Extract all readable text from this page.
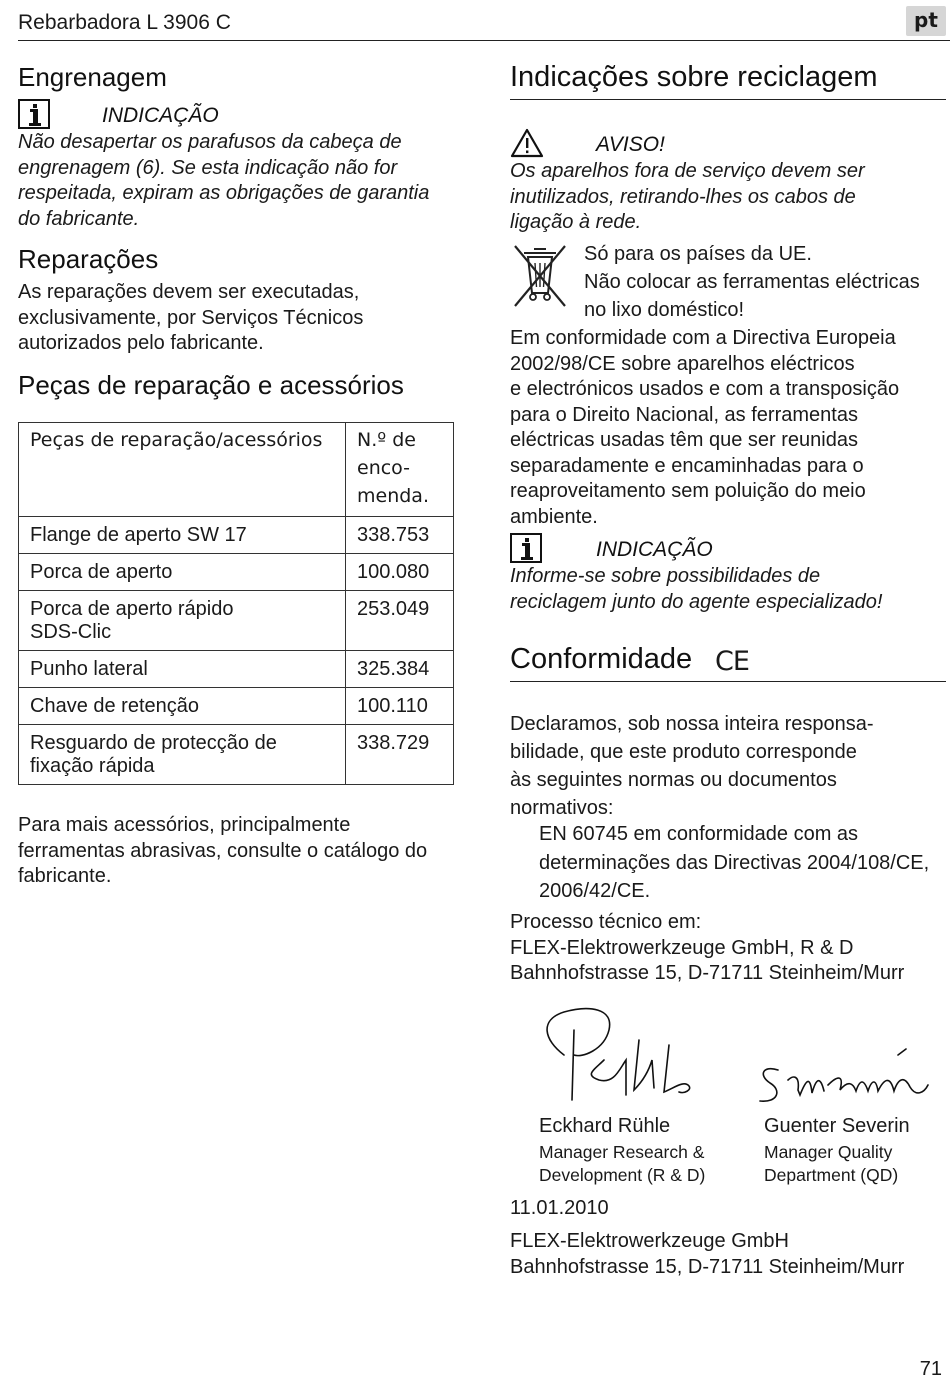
Rebarbadora L 3906 C	pt
Engrenagem
INDICAÇÃO
Não desapertar os parafusos da cabeça de
engrenagem (6). Se esta indicação não for
respeitada, expiram as obrigações de garantia
do fabricante.
Reparações
As reparações devem ser executadas,
exclusivamente, por Serviços Técnicos
autorizados pelo fabricante.
Peças de reparação e acessórios
Peças de reparação/acessórios	N.º de
enco-
menda.

Flange de aperto SW 17	338.753

Porca de aperto	100.080

Porca de aperto rápido
SDS-Clic	253.049

Punho lateral	325.384

Chave de retenção	100.110

Resguardo de protecção de
fixação rápida	338.729
Para mais acessórios, principalmente
ferramentas abrasivas, consulte o catálogo do
fabricante.
Indicações sobre reciclagem
AVISO!
Os aparelhos fora de serviço devem ser
inutilizados, retirando-lhes os cabos de
ligação à rede.
Só para os países da UE.
Não colocar as ferramentas eléctricas
no lixo doméstico!
Em conformidade com a Directiva Europeia
2002/98/CE sobre aparelhos eléctricos
e electrónicos usados e com a transposição
para o Direito Nacional, as ferramentas
eléctricas usadas têm que ser reunidas
separadamente e encaminhadas para o
reaproveitamento sem poluição do meio
ambiente.
INDICAÇÃO
Informe-se sobre possibilidades de
reciclagem junto do agente especializado!
Conformidade CE
Declaramos, sob nossa inteira responsa-
bilidade, que este produto corresponde
às seguintes normas ou documentos
normativos:
EN 60745 em conformidade com as
determinações das Directivas 2004/108/CE,
2006/42/CE.
Processo técnico em:
FLEX-Elektrowerkzeuge GmbH, R & D
Bahnhofstrasse 15, D-71711 Steinheim/Murr
Eckhard Rühle
Manager Research &
Development (R & D)
Guenter Severin
Manager Quality
Department (QD)
11.01.2010
FLEX-Elektrowerkzeuge GmbH
Bahnhofstrasse 15, D-71711 Steinheim/Murr
71
